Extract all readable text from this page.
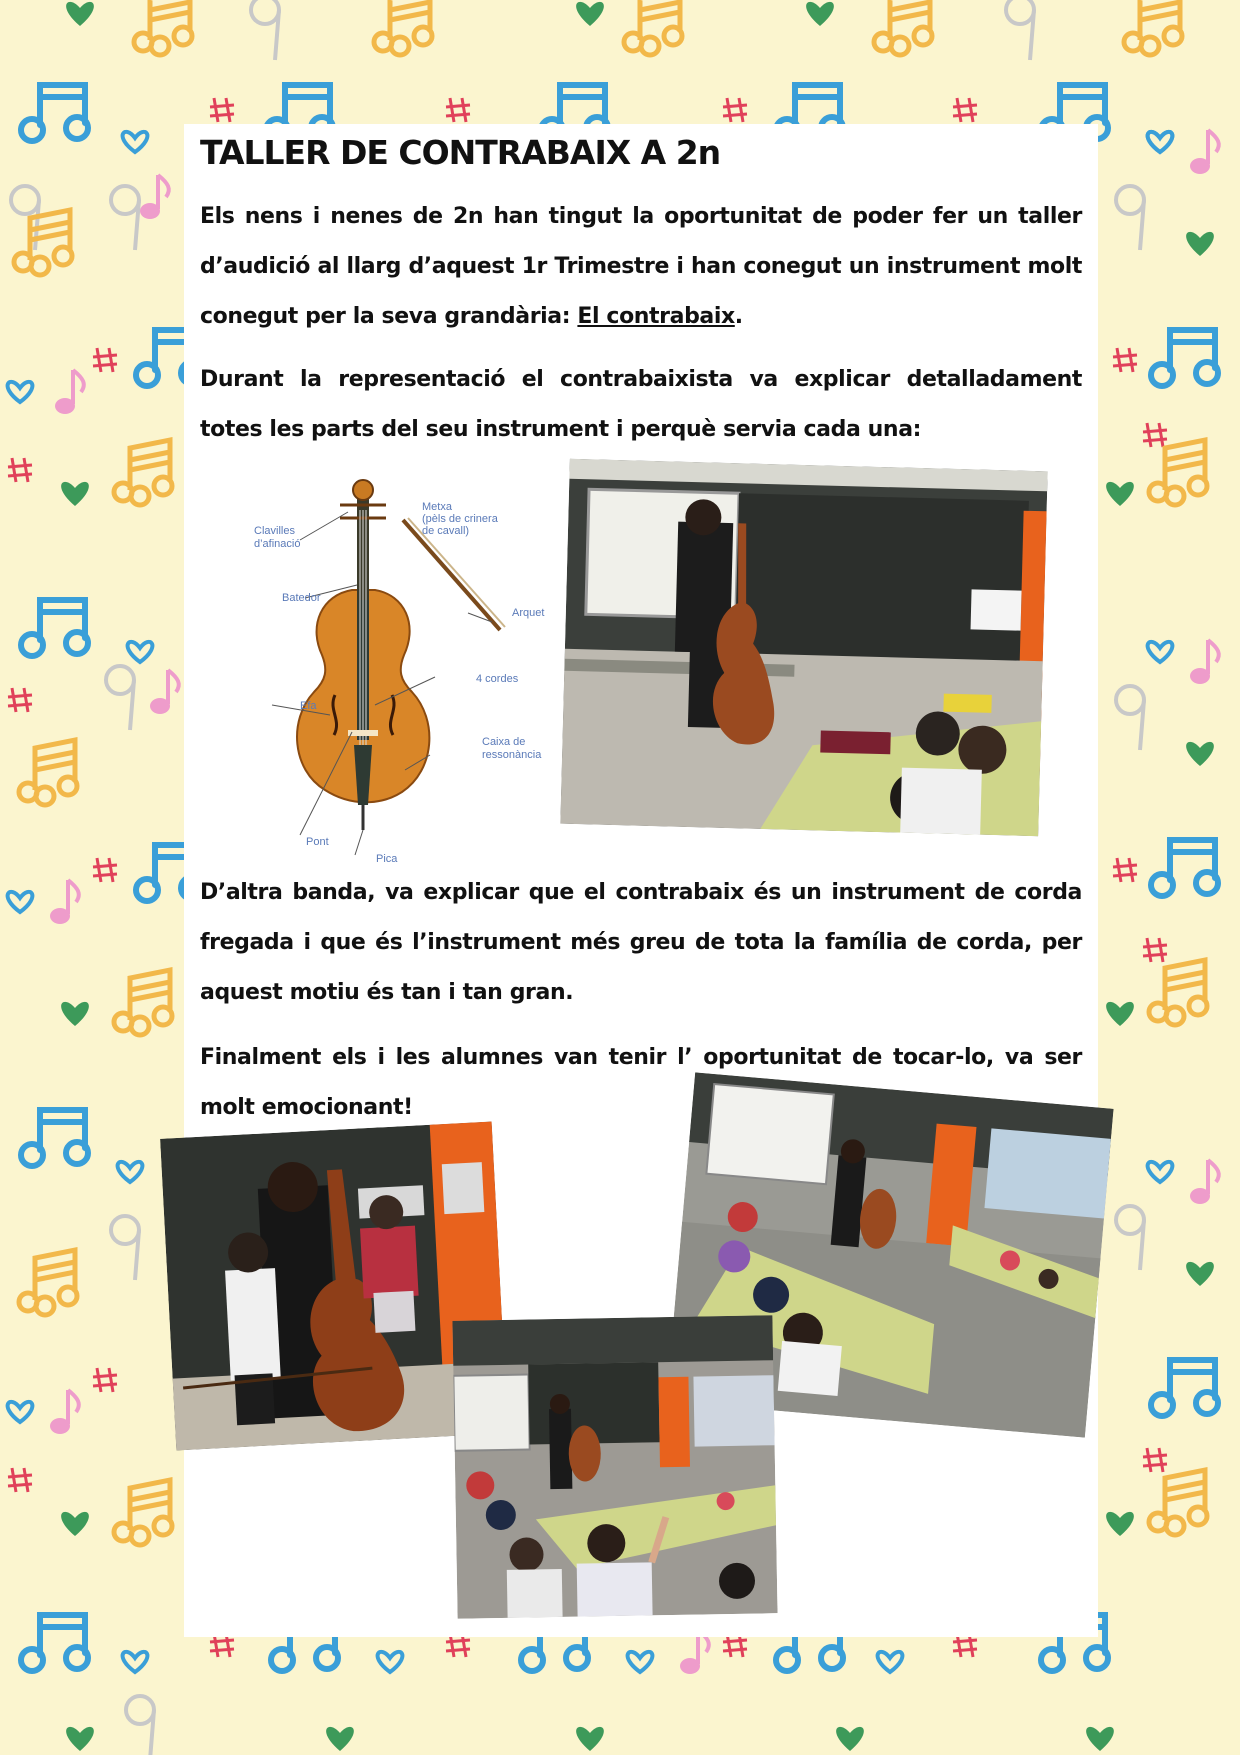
TALLER DE CONTRABAIX A 2n

Els nens i nenes de 2n han tingut la oportunitat de poder fer un taller d’audició al llarg d’aquest 1r Trimestre i han conegut un instrument molt conegut per la seva grandària: El contrabaix.

Durant la representació el contrabaixista va explicar detalladament totes les parts del seu instrument i perquè servia cada una:

Clavilles
d’afinació
Metxa
(pèls de crinera
de cavall)
Batedor
Arquet
4 cordes
Efa
Caixa de
ressonància
Pont
Pica

D’altra banda, va explicar que el contrabaix és un instrument de corda fregada i que és l’instrument més greu de tota la família de corda, per aquest motiu és tan i tan gran.

Finalment els i les alumnes van tenir l’ oportunitat de tocar-lo, va ser molt emocionant!
